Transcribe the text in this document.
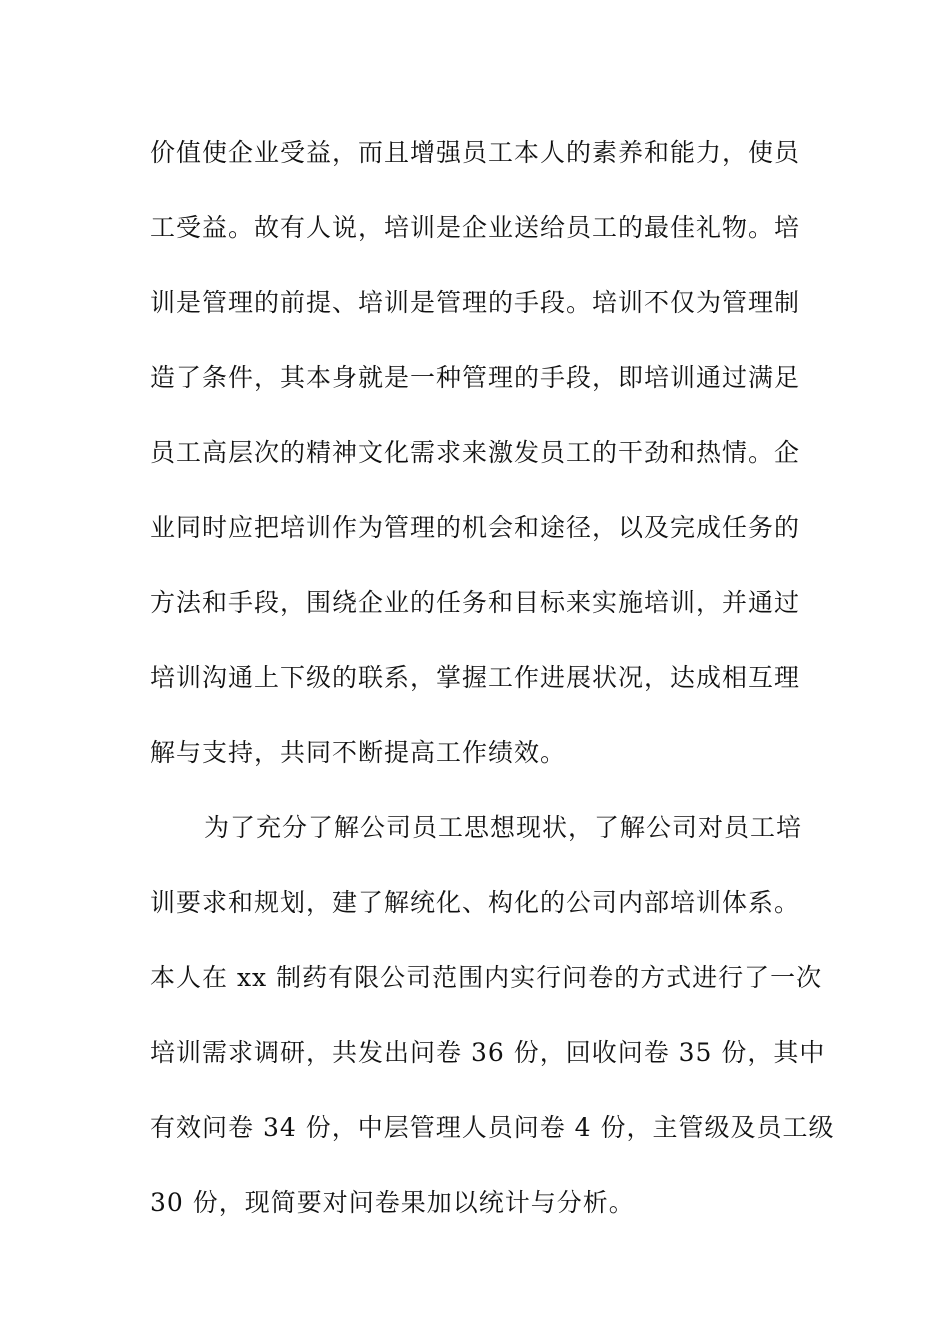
价值使企业受益，而且增强员工本人的素养和能力，使员
工受益。故有人说，培训是企业送给员工的最佳礼物。培
训是管理的前提、培训是管理的手段。培训不仅为管理制
造了条件，其本身就是一种管理的手段，即培训通过满足
员工高层次的精神文化需求来激发员工的干劲和热情。企
业同时应把培训作为管理的机会和途径，以及完成任务的
方法和手段，围绕企业的任务和目标来实施培训，并通过
培训沟通上下级的联系，掌握工作进展状况，达成相互理
解与支持，共同不断提高工作绩效。
为了充分了解公司员工思想现状，了解公司对员工培
训要求和规划，建了解统化、构化的公司内部培训体系。
本人在 xx 制药有限公司范围内实行问卷的方式进行了一次
培训需求调研，共发出问卷 36 份，回收问卷 35 份，其中
有效问卷 34 份，中层管理人员问卷 4 份，主管级及员工级
30 份，现简要对问卷果加以统计与分析。
